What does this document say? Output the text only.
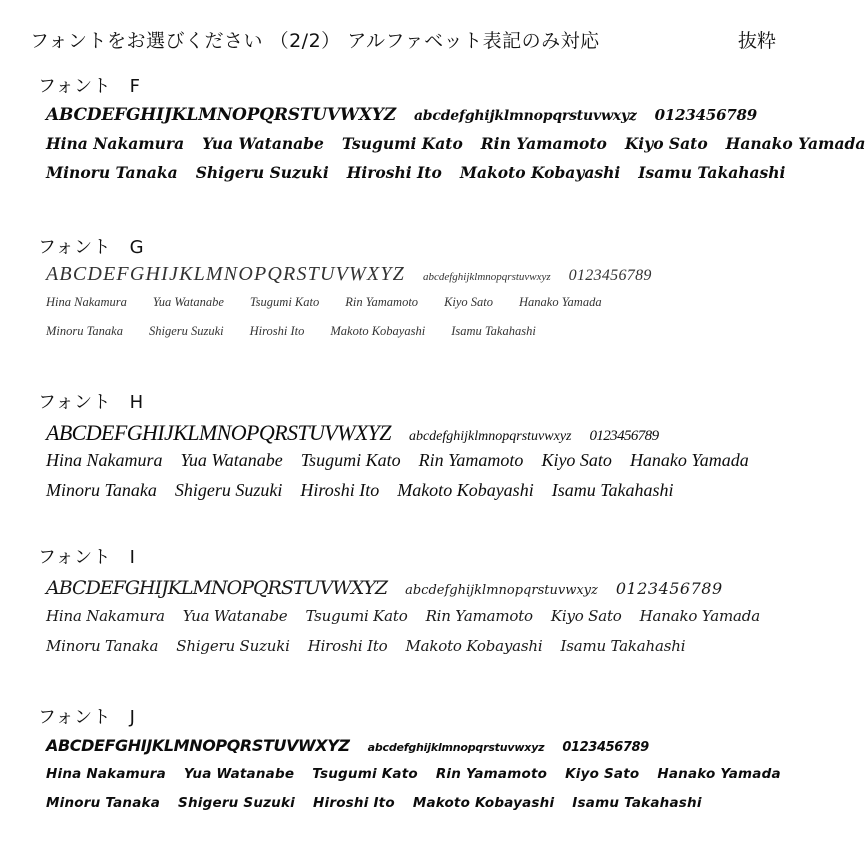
フォントをお選びください （2/2） アルファベット表記のみ対応	抜粋
フォント　F
ABCDEFGHIJKLMNOPQRSTUVWXYZ abcdefghijklmnopqrstuvwxyz 0123456789
Hina Nakamura Yua Watanabe Tsugumi Kato Rin Yamamoto Kiyo Sato Hanako Yamada
Minoru Tanaka Shigeru Suzuki Hiroshi Ito Makoto Kobayashi Isamu Takahashi
フォント　G
ABCDEFGHIJKLMNOPQRSTUVWXYZ abcdefghijklmnopqrstuvwxyz 0123456789
Hina Nakamura Yua Watanabe Tsugumi Kato Rin Yamamoto Kiyo Sato Hanako Yamada
Minoru Tanaka Shigeru Suzuki Hiroshi Ito Makoto Kobayashi Isamu Takahashi
フォント　H
ABCDEFGHIJKLMNOPQRSTUVWXYZ abcdefghijklmnopqrstuvwxyz 0123456789
Hina Nakamura Yua Watanabe Tsugumi Kato Rin Yamamoto Kiyo Sato Hanako Yamada
Minoru Tanaka Shigeru Suzuki Hiroshi Ito Makoto Kobayashi Isamu Takahashi
フォント　I
ABCDEFGHIJKLMNOPQRSTUVWXYZ abcdefghijklmnopqrstuvwxyz 0123456789
Hina Nakamura Yua Watanabe Tsugumi Kato Rin Yamamoto Kiyo Sato Hanako Yamada
Minoru Tanaka Shigeru Suzuki Hiroshi Ito Makoto Kobayashi Isamu Takahashi
フォント　J
ABCDEFGHIJKLMNOPQRSTUVWXYZ abcdefghijklmnopqrstuvwxyz 0123456789
Hina Nakamura Yua Watanabe Tsugumi Kato Rin Yamamoto Kiyo Sato Hanako Yamada
Minoru Tanaka Shigeru Suzuki Hiroshi Ito Makoto Kobayashi Isamu Takahashi
